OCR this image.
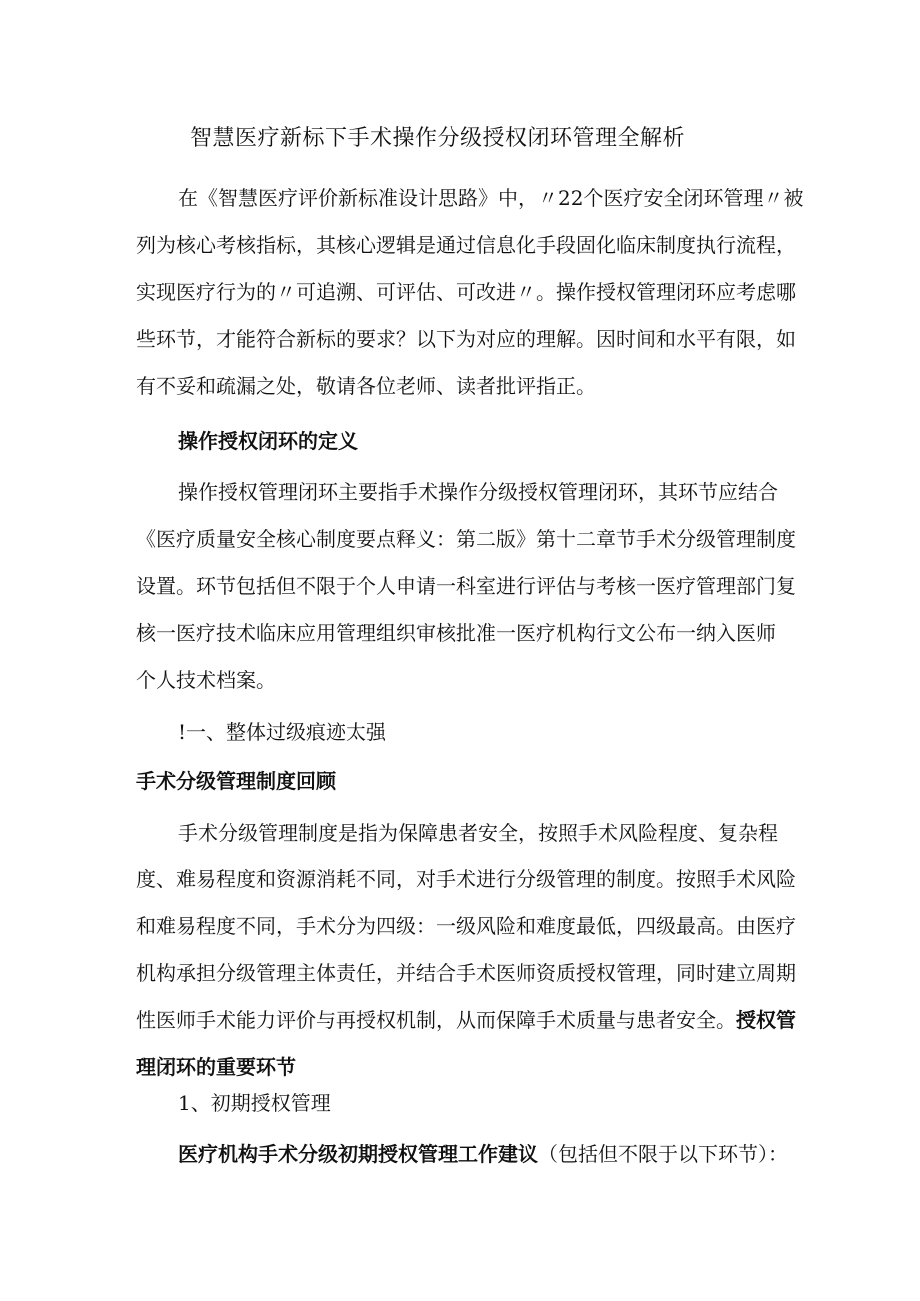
智慧医疗新标下手术操作分级授权闭环管理全解析
在《智慧医疗评价新标准设计思路》中，〃22个医疗安全闭环管理〃被
列为核心考核指标，其核心逻辑是通过信息化手段固化临床制度执行流程，
实现医疗行为的〃可追溯、可评估、可改进〃。操作授权管理闭环应考虑哪
些环节，才能符合新标的要求？以下为对应的理解。因时间和水平有限，如
有不妥和疏漏之处，敬请各位老师、读者批评指正。
操作授权闭环的定义
操作授权管理闭环主要指手术操作分级授权管理闭环，其环节应结合
《医疗质量安全核心制度要点释义：第二版》第十二章节手术分级管理制度
设置。环节包括但不限于个人申请一科室进行评估与考核一医疗管理部门复
核一医疗技术临床应用管理组织审核批准一医疗机构行文公布一纳入医师
个人技术档案。
!一、整体过级痕迹太强
手术分级管理制度回顾
手术分级管理制度是指为保障患者安全，按照手术风险程度、复杂程
度、难易程度和资源消耗不同，对手术进行分级管理的制度。按照手术风险
和难易程度不同，手术分为四级：一级风险和难度最低，四级最高。由医疗
机构承担分级管理主体责任，并结合手术医师资质授权管理，同时建立周期
性医师手术能力评价与再授权机制，从而保障手术质量与患者安全。授权管
理闭环的重要环节
1、初期授权管理
医疗机构手术分级初期授权管理工作建议（包括但不限于以下环节）：
